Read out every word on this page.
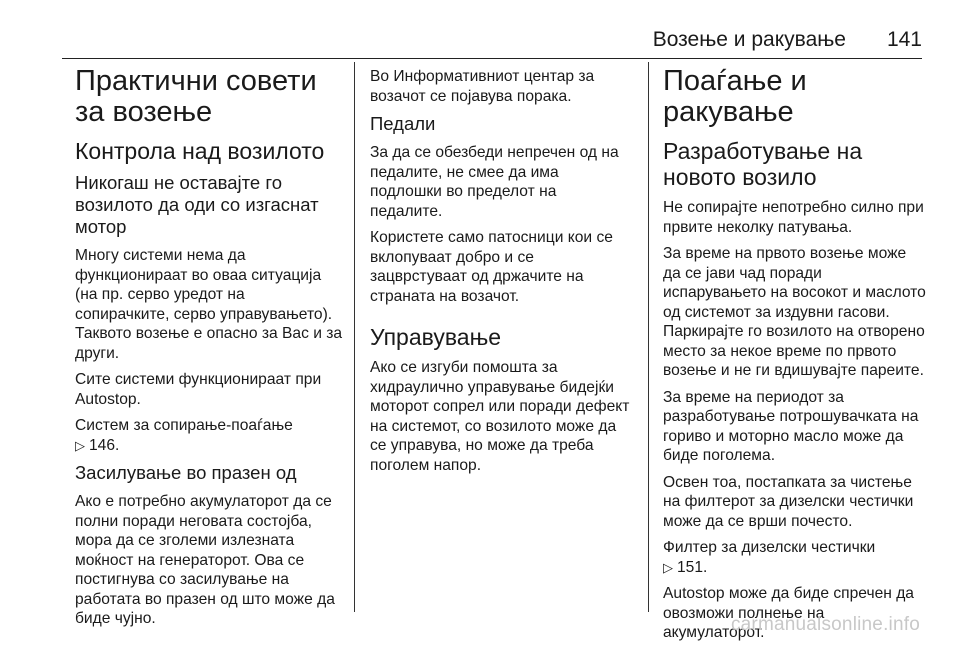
Возење и ракување 141
Практични совети за возење
Контрола над возилото
Никогаш не оставајте го возилото да оди со изгаснат мотор

Многу системи нема да функционираат во оваа ситуација (на пр. серво уредот на сопирачките, серво управувањето). Таквото возење е опасно за Вас и за други.

Сите системи функционираат при Autostop.

Систем за сопирање-поаѓање
▷ 146.

Засилување во празен од

Ако е потребно акумулаторот да се полни поради неговата состојба, мора да се зголеми излезната моќност на генераторот. Ова се постигнува со засилување на работата во празен од што може да биде чујно.

Во Информативниот центар за возачот се појавува порака.

Педали

За да се обезбеди непречен од на педалите, не смее да има подлошки во пределот на педалите.

Користете само патосници кои се вклопуваат добро и се зацврстуваат од држачите на страната на возачот.

Управување

Ако се изгуби помошта за хидраулично управување бидејќи моторот сопрел или поради дефект на системот, со возилото може да се управува, но може да треба поголем напор.

Поаѓање и ракување
Разработување на новото возило

Не сопирајте непотребно силно при првите неколку патувања.

За време на првото возење може да се јави чад поради испарувањето на восокот и маслото од системот за издувни гасови. Паркирајте го возилото на отворено место за некое време по првото возење и не ги вдишувајте пареите.

За време на периодот за разработување потрошувачката на гориво и моторно масло може да биде поголема.

Освен тоа, постапката за чистење на филтерот за дизелски честички може да се врши почесто.

Филтер за дизелски честички
▷ 151.

Autostop може да биде спречен да овозможи полнење на акумулаторот.

carmanualsonline.info
